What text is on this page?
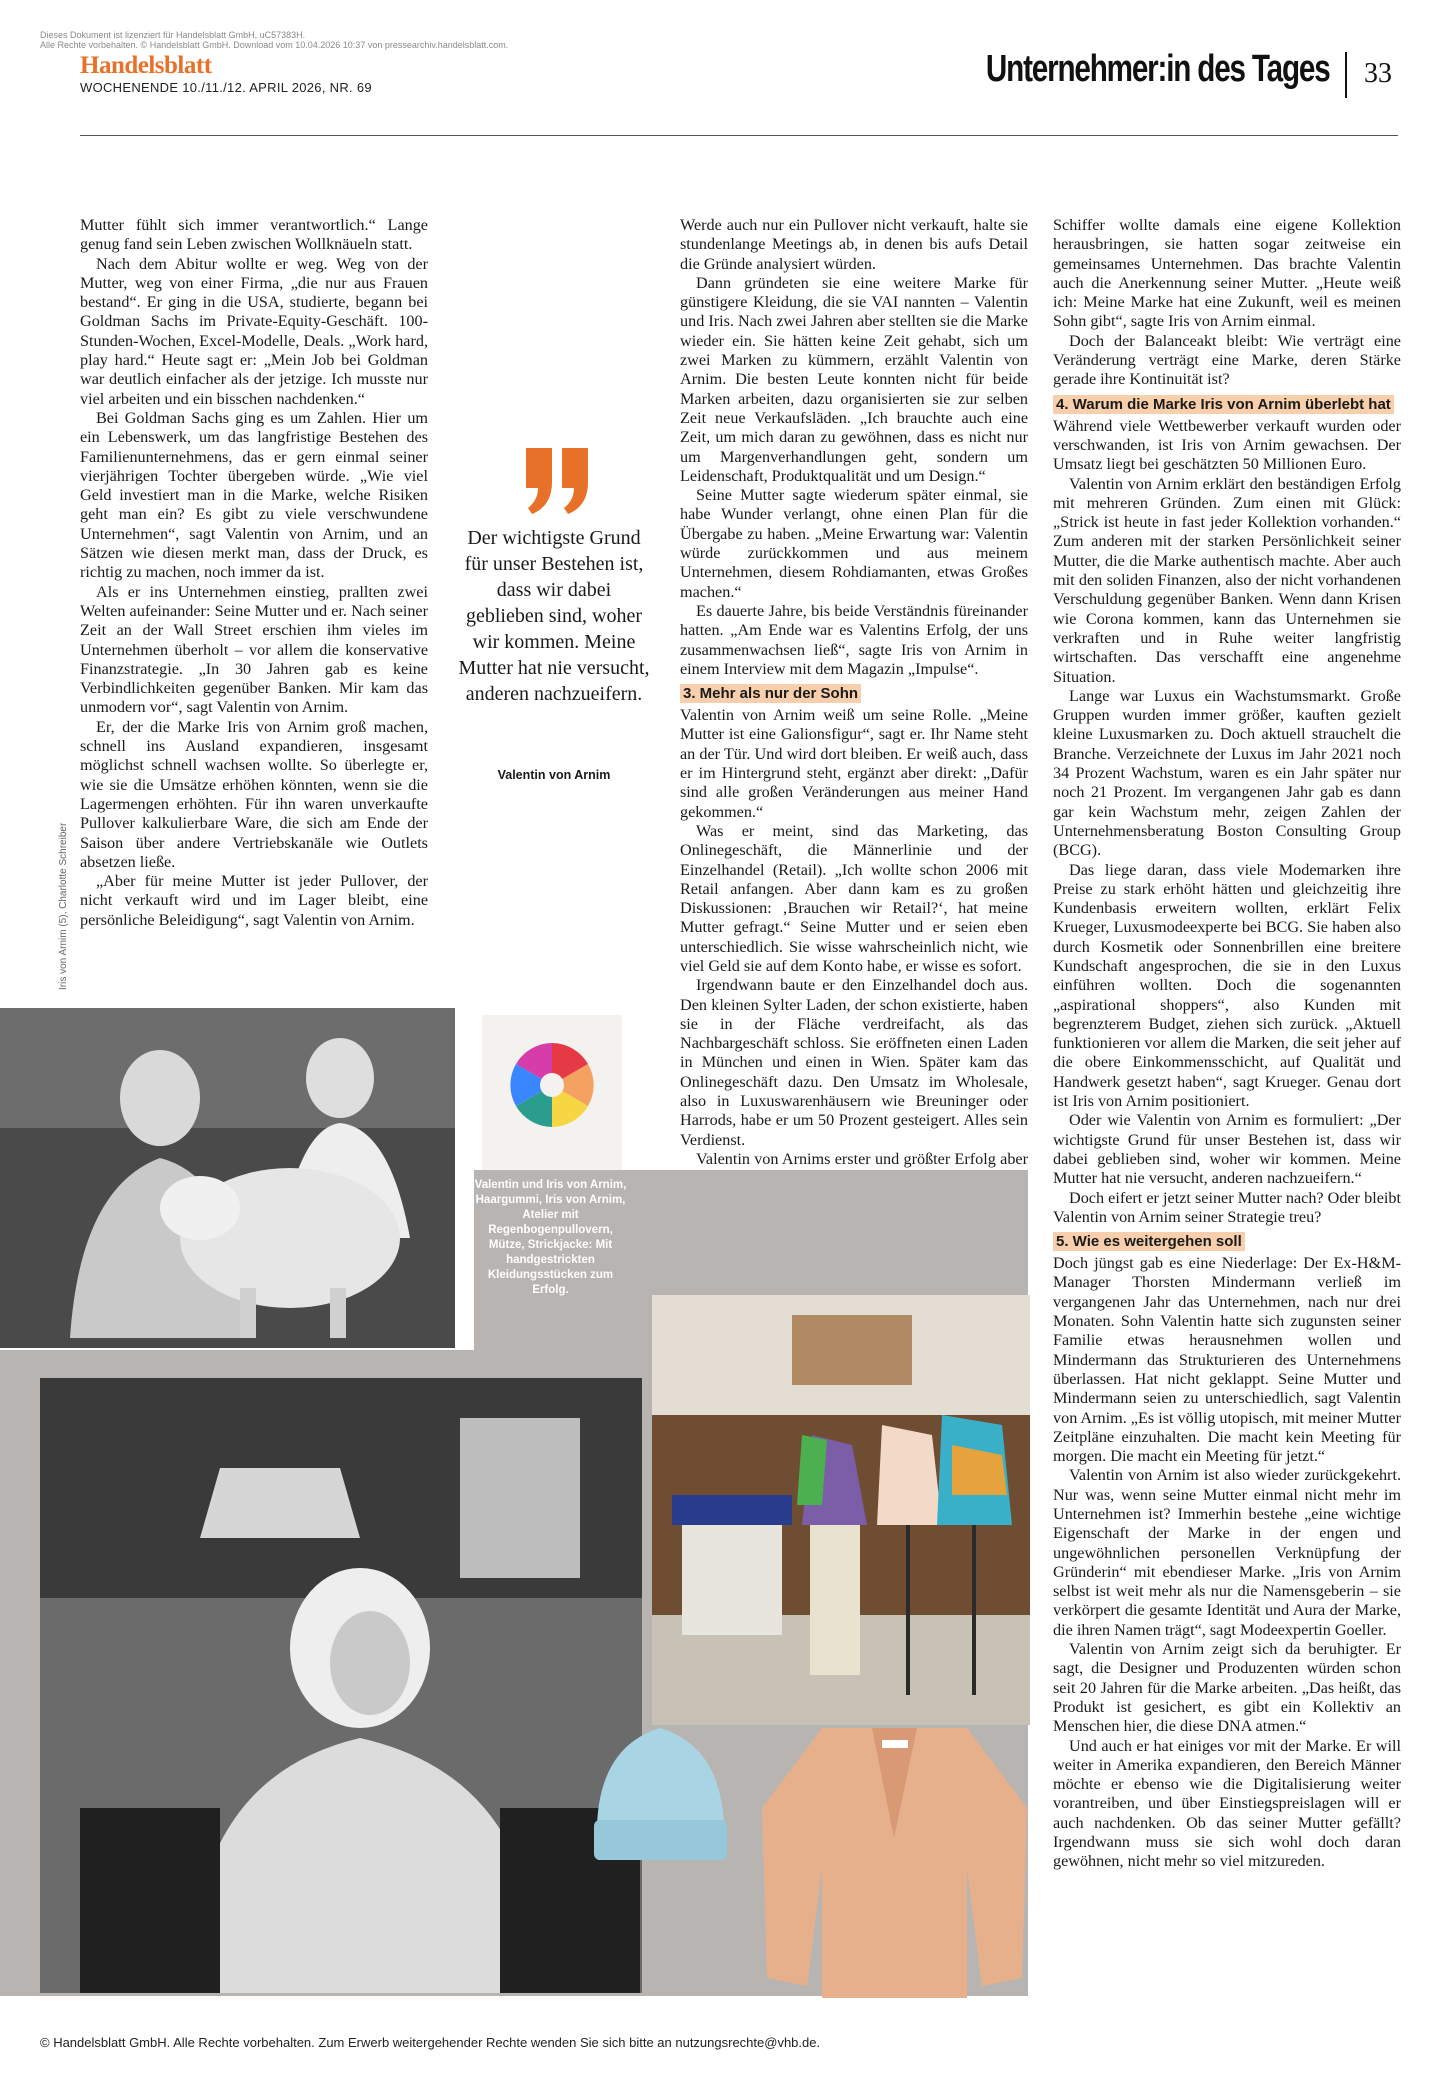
Dieses Dokument ist lizenziert für Handelsblatt GmbH, uC57383H.
Alle Rechte vorbehalten. © Handelsblatt GmbH. Download vom 10.04.2026 10:37 von pressearchiv.handelsblatt.com.
Handelsblatt
WOCHENENDE 10./11./12. APRIL 2026, NR. 69	Unternehmer:in des Tages 33

Mutter fühlt sich immer verantwortlich.“ Lange genug fand sein Leben zwischen Wollknäueln statt.

Nach dem Abitur wollte er weg. Weg von der Mutter, weg von einer Firma, „die nur aus Frauen bestand“. Er ging in die USA, studierte, begann bei Goldman Sachs im Private-Equity-Geschäft. 100-Stunden-Wochen, Excel-Modelle, Deals. „Work hard, play hard.“ Heute sagt er: „Mein Job bei Goldman war deutlich einfacher als der jetzige. Ich musste nur viel arbeiten und ein bisschen nachdenken.“

Bei Goldman Sachs ging es um Zahlen. Hier um ein Lebenswerk, um das langfristige Bestehen des Familienunternehmens, das er gern einmal seiner vierjährigen Tochter übergeben würde. „Wie viel Geld investiert man in die Marke, welche Risiken geht man ein? Es gibt zu viele verschwundene Unternehmen“, sagt Valentin von Arnim, und an Sätzen wie diesen merkt man, dass der Druck, es richtig zu machen, noch immer da ist.

Als er ins Unternehmen einstieg, prallten zwei Welten aufeinander: Seine Mutter und er. Nach seiner Zeit an der Wall Street erschien ihm vieles im Unternehmen überholt – vor allem die konservative Finanzstrategie. „In 30 Jahren gab es keine Verbindlichkeiten gegenüber Banken. Mir kam das unmodern vor“, sagt Valentin von Arnim.

Er, der die Marke Iris von Arnim groß machen, schnell ins Ausland expandieren, insgesamt möglichst schnell wachsen wollte. So überlegte er, wie sie die Umsätze erhöhen könnten, wenn sie die Lagermengen erhöhten. Für ihn waren unverkaufte Pullover kalkulierbare Ware, die sich am Ende der Saison über andere Vertriebskanäle wie Outlets absetzen ließe.

„Aber für meine Mutter ist jeder Pullover, der nicht verkauft wird und im Lager bleibt, eine persönliche Beleidigung“, sagt Valentin von Arnim.

Der wichtigste Grund für unser Bestehen ist, dass wir dabei geblieben sind, woher wir kommen. Meine Mutter hat nie versucht, anderen nachzueifern.
Valentin von Arnim

Werde auch nur ein Pullover nicht verkauft, halte sie stundenlange Meetings ab, in denen bis aufs Detail die Gründe analysiert würden.

Dann gründeten sie eine weitere Marke für günstigere Kleidung, die sie VAI nannten – Valentin und Iris. Nach zwei Jahren aber stellten sie die Marke wieder ein. Sie hätten keine Zeit gehabt, sich um zwei Marken zu kümmern, erzählt Valentin von Arnim. Die besten Leute konnten nicht für beide Marken arbeiten, dazu organisierten sie zur selben Zeit neue Verkaufsläden. „Ich brauchte auch eine Zeit, um mich daran zu gewöhnen, dass es nicht nur um Margenverhandlungen geht, sondern um Leidenschaft, Produktqualität und um Design.“

Seine Mutter sagte wiederum später einmal, sie habe Wunder verlangt, ohne einen Plan für die Übergabe zu haben. „Meine Erwartung war: Valentin würde zurückkommen und aus meinem Unternehmen, diesem Rohdiamanten, etwas Großes machen.“

Es dauerte Jahre, bis beide Verständnis füreinander hatten. „Am Ende war es Valentins Erfolg, der uns zusammenwachsen ließ“, sagte Iris von Arnim in einem Interview mit dem Magazin „Impulse“.

3. Mehr als nur der Sohn

Valentin von Arnim weiß um seine Rolle. „Meine Mutter ist eine Galionsfigur“, sagt er. Ihr Name steht an der Tür. Und wird dort bleiben. Er weiß auch, dass er im Hintergrund steht, ergänzt aber direkt: „Dafür sind alle großen Veränderungen aus meiner Hand gekommen.“

Was er meint, sind das Marketing, das Onlinegeschäft, die Männerlinie und der Einzelhandel (Retail). „Ich wollte schon 2006 mit Retail anfangen. Aber dann kam es zu großen Diskussionen: ‚Brauchen wir Retail?‘, hat meine Mutter gefragt.“ Seine Mutter und er seien eben unterschiedlich. Sie wisse wahrscheinlich nicht, wie viel Geld sie auf dem Konto habe, er wisse es sofort.

Irgendwann baute er den Einzelhandel doch aus. Den kleinen Sylter Laden, der schon existierte, haben sie in der Fläche verdreifacht, als das Nachbargeschäft schloss. Sie eröffneten einen Laden in München und einen in Wien. Später kam das Onlinegeschäft dazu. Den Umsatz im Wholesale, also in Luxuswarenhäusern wie Breuninger oder Harrods, habe er um 50 Prozent gesteigert. Alles sein Verdienst.

Valentin von Arnims erster und größter Erfolg aber

Schiffer wollte damals eine eigene Kollektion herausbringen, sie hatten sogar zeitweise ein gemeinsames Unternehmen. Das brachte Valentin auch die Anerkennung seiner Mutter. „Heute weiß ich: Meine Marke hat eine Zukunft, weil es meinen Sohn gibt“, sagte Iris von Arnim einmal.

Doch der Balanceakt bleibt: Wie verträgt eine Veränderung verträgt eine Marke, deren Stärke gerade ihre Kontinuität ist?

4. Warum die Marke Iris von Arnim überlebt hat

Während viele Wettbewerber verkauft wurden oder verschwanden, ist Iris von Arnim gewachsen. Der Umsatz liegt bei geschätzten 50 Millionen Euro.

Valentin von Arnim erklärt den beständigen Erfolg mit mehreren Gründen. Zum einen mit Glück: „Strick ist heute in fast jeder Kollektion vorhanden.“ Zum anderen mit der starken Persönlichkeit seiner Mutter, die die Marke authentisch machte. Aber auch mit den soliden Finanzen, also der nicht vorhandenen Verschuldung gegenüber Banken. Wenn dann Krisen wie Corona kommen, kann das Unternehmen sie verkraften und in Ruhe weiter langfristig wirtschaften. Das verschafft eine angenehme Situation.

Lange war Luxus ein Wachstumsmarkt. Große Gruppen wurden immer größer, kauften gezielt kleine Luxusmarken zu. Doch aktuell strauchelt die Branche. Verzeichnete der Luxus im Jahr 2021 noch 34 Prozent Wachstum, waren es ein Jahr später nur noch 21 Prozent. Im vergangenen Jahr gab es dann gar kein Wachstum mehr, zeigen Zahlen der Unternehmensberatung Boston Consulting Group (BCG).

Das liege daran, dass viele Modemarken ihre Preise zu stark erhöht hätten und gleichzeitig ihre Kundenbasis erweitern wollten, erklärt Felix Krueger, Luxusmodeexperte bei BCG. Sie haben also durch Kosmetik oder Sonnenbrillen eine breitere Kundschaft angesprochen, die sie in den Luxus einführen wollten. Doch die sogenannten „aspirational shoppers“, also Kunden mit begrenzterem Budget, ziehen sich zurück. „Aktuell funktionieren vor allem die Marken, die seit jeher auf die obere Einkommensschicht, auf Qualität und Handwerk gesetzt haben“, sagt Krueger. Genau dort ist Iris von Arnim positioniert.

Oder wie Valentin von Arnim es formuliert: „Der wichtigste Grund für unser Bestehen ist, dass wir dabei geblieben sind, woher wir kommen. Meine Mutter hat nie versucht, anderen nachzueifern.“

Doch eifert er jetzt seiner Mutter nach? Oder bleibt Valentin von Arnim seiner Strategie treu?

5. Wie es weitergehen soll

Doch jüngst gab es eine Niederlage: Der Ex-H&M-Manager Thorsten Mindermann verließ im vergangenen Jahr das Unternehmen, nach nur drei Monaten. Sohn Valentin hatte sich zugunsten seiner Familie etwas herausnehmen wollen und Mindermann das Strukturieren des Unternehmens überlassen. Hat nicht geklappt. Seine Mutter und Mindermann seien zu unterschiedlich, sagt Valentin von Arnim. „Es ist völlig utopisch, mit meiner Mutter Zeitpläne einzuhalten. Die macht kein Meeting für morgen. Die macht ein Meeting für jetzt.“

Valentin von Arnim ist also wieder zurückgekehrt. Nur was, wenn seine Mutter einmal nicht mehr im Unternehmen ist? Immerhin bestehe „eine wichtige Eigenschaft der Marke in der engen und ungewöhnlichen personellen Verknüpfung der Gründerin“ mit ebendieser Marke. „Iris von Arnim selbst ist weit mehr als nur die Namensgeberin – sie verkörpert die gesamte Identität und Aura der Marke, die ihren Namen trägt“, sagt Modeexpertin Goeller.

Valentin von Arnim zeigt sich da beruhigter. Er sagt, die Designer und Produzenten würden schon seit 20 Jahren für die Marke arbeiten. „Das heißt, das Produkt ist gesichert, es gibt ein Kollektiv an Menschen hier, die diese DNA atmen.“

Und auch er hat einiges vor mit der Marke. Er will weiter in Amerika expandieren, den Bereich Männer möchte er ebenso wie die Digitalisierung weiter vorantreiben, und über Einstiegspreislagen will er auch nachdenken. Ob das seiner Mutter gefällt? Irgendwann muss sie sich wohl doch daran gewöhnen, nicht mehr so viel mitzureden.

Iris von Arnim (5), Charlotte Schreiber
Valentin und Iris von Arnim, Haargummi, Iris von Arnim, Atelier mit Regenbogenpullovern, Mütze, Strickjacke: Mit handgestrickten Kleidungsstücken zum Erfolg.
© Handelsblatt GmbH. Alle Rechte vorbehalten. Zum Erwerb weitergehender Rechte wenden Sie sich bitte an nutzungsrechte@vhb.de.
